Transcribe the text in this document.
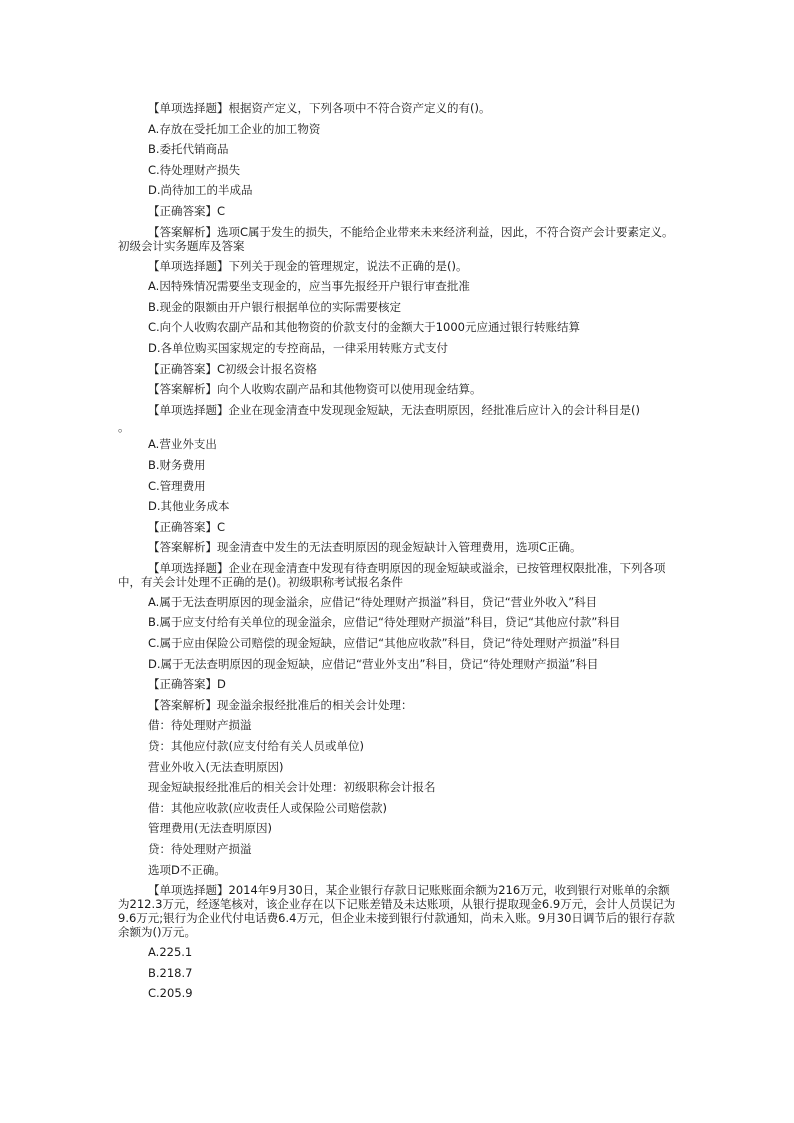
【单项选择题】根据资产定义，下列各项中不符合资产定义的有()。
A.存放在受托加工企业的加工物资
B.委托代销商品
C.待处理财产损失
D.尚待加工的半成品
【正确答案】C
【答案解析】选项C属于发生的损失，不能给企业带来未来经济利益，因此，不符合资产会计要素定义。初级会计实务题库及答案
【单项选择题】下列关于现金的管理规定，说法不正确的是()。
A.因特殊情况需要坐支现金的，应当事先报经开户银行审查批准
B.现金的限额由开户银行根据单位的实际需要核定
C.向个人收购农副产品和其他物资的价款支付的金额大于1000元应通过银行转账结算
D.各单位购买国家规定的专控商品，一律采用转账方式支付
【正确答案】C初级会计报名资格
【答案解析】向个人收购农副产品和其他物资可以使用现金结算。
【单项选择题】企业在现金清查中发现现金短缺，无法查明原因，经批准后应计入的会计科目是()
。
A.营业外支出
B.财务费用
C.管理费用
D.其他业务成本
【正确答案】C
【答案解析】现金清查中发生的无法查明原因的现金短缺计入管理费用，选项C正确。
【单项选择题】企业在现金清查中发现有待查明原因的现金短缺或溢余，已按管理权限批准，下列各项中，有关会计处理不正确的是()。初级职称考试报名条件
A.属于无法查明原因的现金溢余，应借记“待处理财产损溢”科目，贷记“营业外收入”科目
B.属于应支付给有关单位的现金溢余，应借记“待处理财产损溢”科目，贷记“其他应付款”科目
C.属于应由保险公司赔偿的现金短缺，应借记“其他应收款”科目，贷记“待处理财产损溢”科目
D.属于无法查明原因的现金短缺，应借记“营业外支出”科目，贷记“待处理财产损溢”科目
【正确答案】D
【答案解析】现金溢余报经批准后的相关会计处理：
借：待处理财产损溢
贷：其他应付款(应支付给有关人员或单位)
营业外收入(无法查明原因)
现金短缺报经批准后的相关会计处理：初级职称会计报名
借：其他应收款(应收责任人或保险公司赔偿款)
管理费用(无法查明原因)
贷：待处理财产损溢
选项D不正确。
【单项选择题】2014年9月30日，某企业银行存款日记账账面余额为216万元，收到银行对账单的余额为212.3万元，经逐笔核对，该企业存在以下记账差错及未达账项，从银行提取现金6.9万元，会计人员误记为9.6万元;银行为企业代付电话费6.4万元，但企业未接到银行付款通知，尚未入账。9月30日调节后的银行存款余额为()万元。
A.225.1
B.218.7
C.205.9
